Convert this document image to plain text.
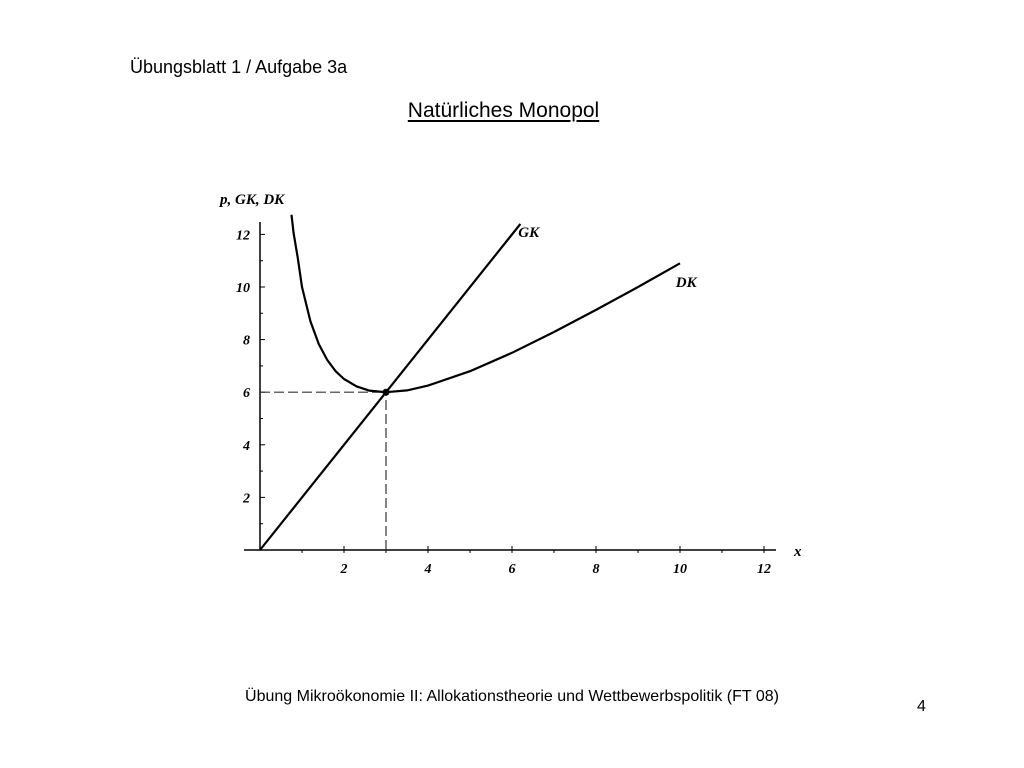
Übungsblatt 1 / Aufgabe 3a
Natürliches Monopol
2	4	6	8	10	12
2
4
6
8
10
12
p, GK, DK
x
GK
DK
Übung Mikroökonomie II: Allokationstheorie und Wettbewerbspolitik (FT 08)
4
